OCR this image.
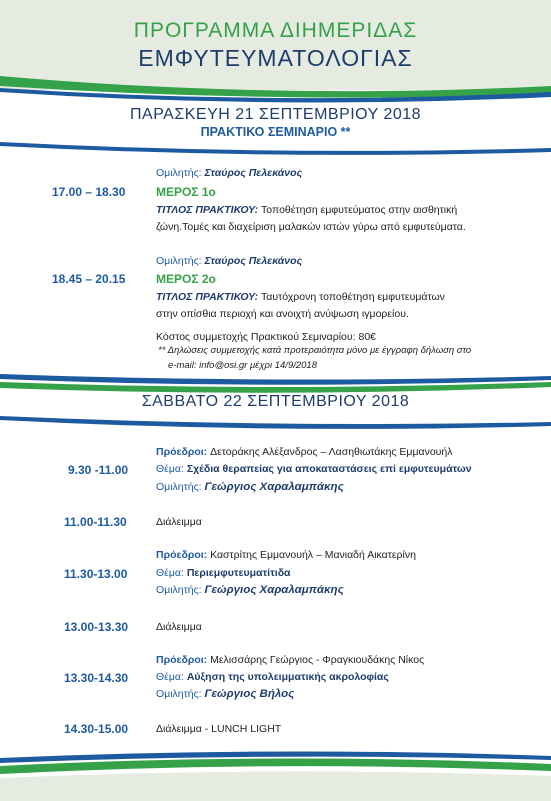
ΠΡΟΓΡΑΜΜΑ ΔΙΗΜΕΡΙΔΑΣ
ΕΜΦΥΤΕΥΜΑΤΟΛΟΓΙΑΣ
ΠΑΡΑΣΚΕΥΗ 21 ΣΕΠΤΕΜΒΡΙΟΥ 2018
ΠΡΑΚΤΙΚΟ ΣΕΜΙΝΑΡΙΟ **
Ομιλητής: Σταύρος Πελεκάνος
17.00 – 18.30	ΜΕΡΟΣ 1ο
ΤΙΤΛΟΣ ΠΡΑΚΤΙΚΟΥ: Τοποθέτηση εμφυτεύματος στην αισθητική
ζώνη.Τομές και διαχείριση μαλακών ιστών γύρω από εμφυτεύματα.
Ομιλητής: Σταύρος Πελεκάνος
18.45 – 20.15	ΜΕΡΟΣ 2ο
ΤΙΤΛΟΣ ΠΡΑΚΤΙΚΟΥ: Ταυτόχρονη τοποθέτηση εμφυτευμάτων
στην οπίσθια περιοχή και ανοιχτή ανύψωση ιγμορείου.
Κόστος συμμετοχής Πρακτικού Σεμιναρίου: 80€
** Δηλώσεις συμμετοχής κατά προτεραιότητα μόνο με έγγραφη δήλωση στο
e-mail: info@osi.gr μέχρι 14/9/2018
ΣΑΒΒΑΤΟ 22 ΣΕΠΤΕΜΒΡΙΟΥ 2018
Πρόεδροι: Δετοράκης Αλέξανδρος – Λασηθιωτάκης Εμμανουήλ
9.30 -11.00	Θέμα: Σχέδια θεραπείας για αποκαταστάσεις επί εμφυτευμάτων
Ομιλητής: Γεώργιος Χαραλαμπάκης
11.00-11.30	Διάλειμμα
Πρόεδροι: Καστρίτης Εμμανουήλ – Μανιαδή Αικατερίνη
11.30-13.00	Θέμα: Περιεμφυτευματίτιδα
Ομιλητής: Γεώργιος Χαραλαμπάκης
13.00-13.30	Διάλειμμα
Πρόεδροι: Μελισσάρης Γεώργιος - Φραγκιουδάκης Νίκος
13.30-14.30	Θέμα: Αύξηση της υπολειμματικής ακρολοφίας
Ομιλητής: Γεώργιος Βήλος
14.30-15.00	Διάλειμμα - LUNCH LIGHT
